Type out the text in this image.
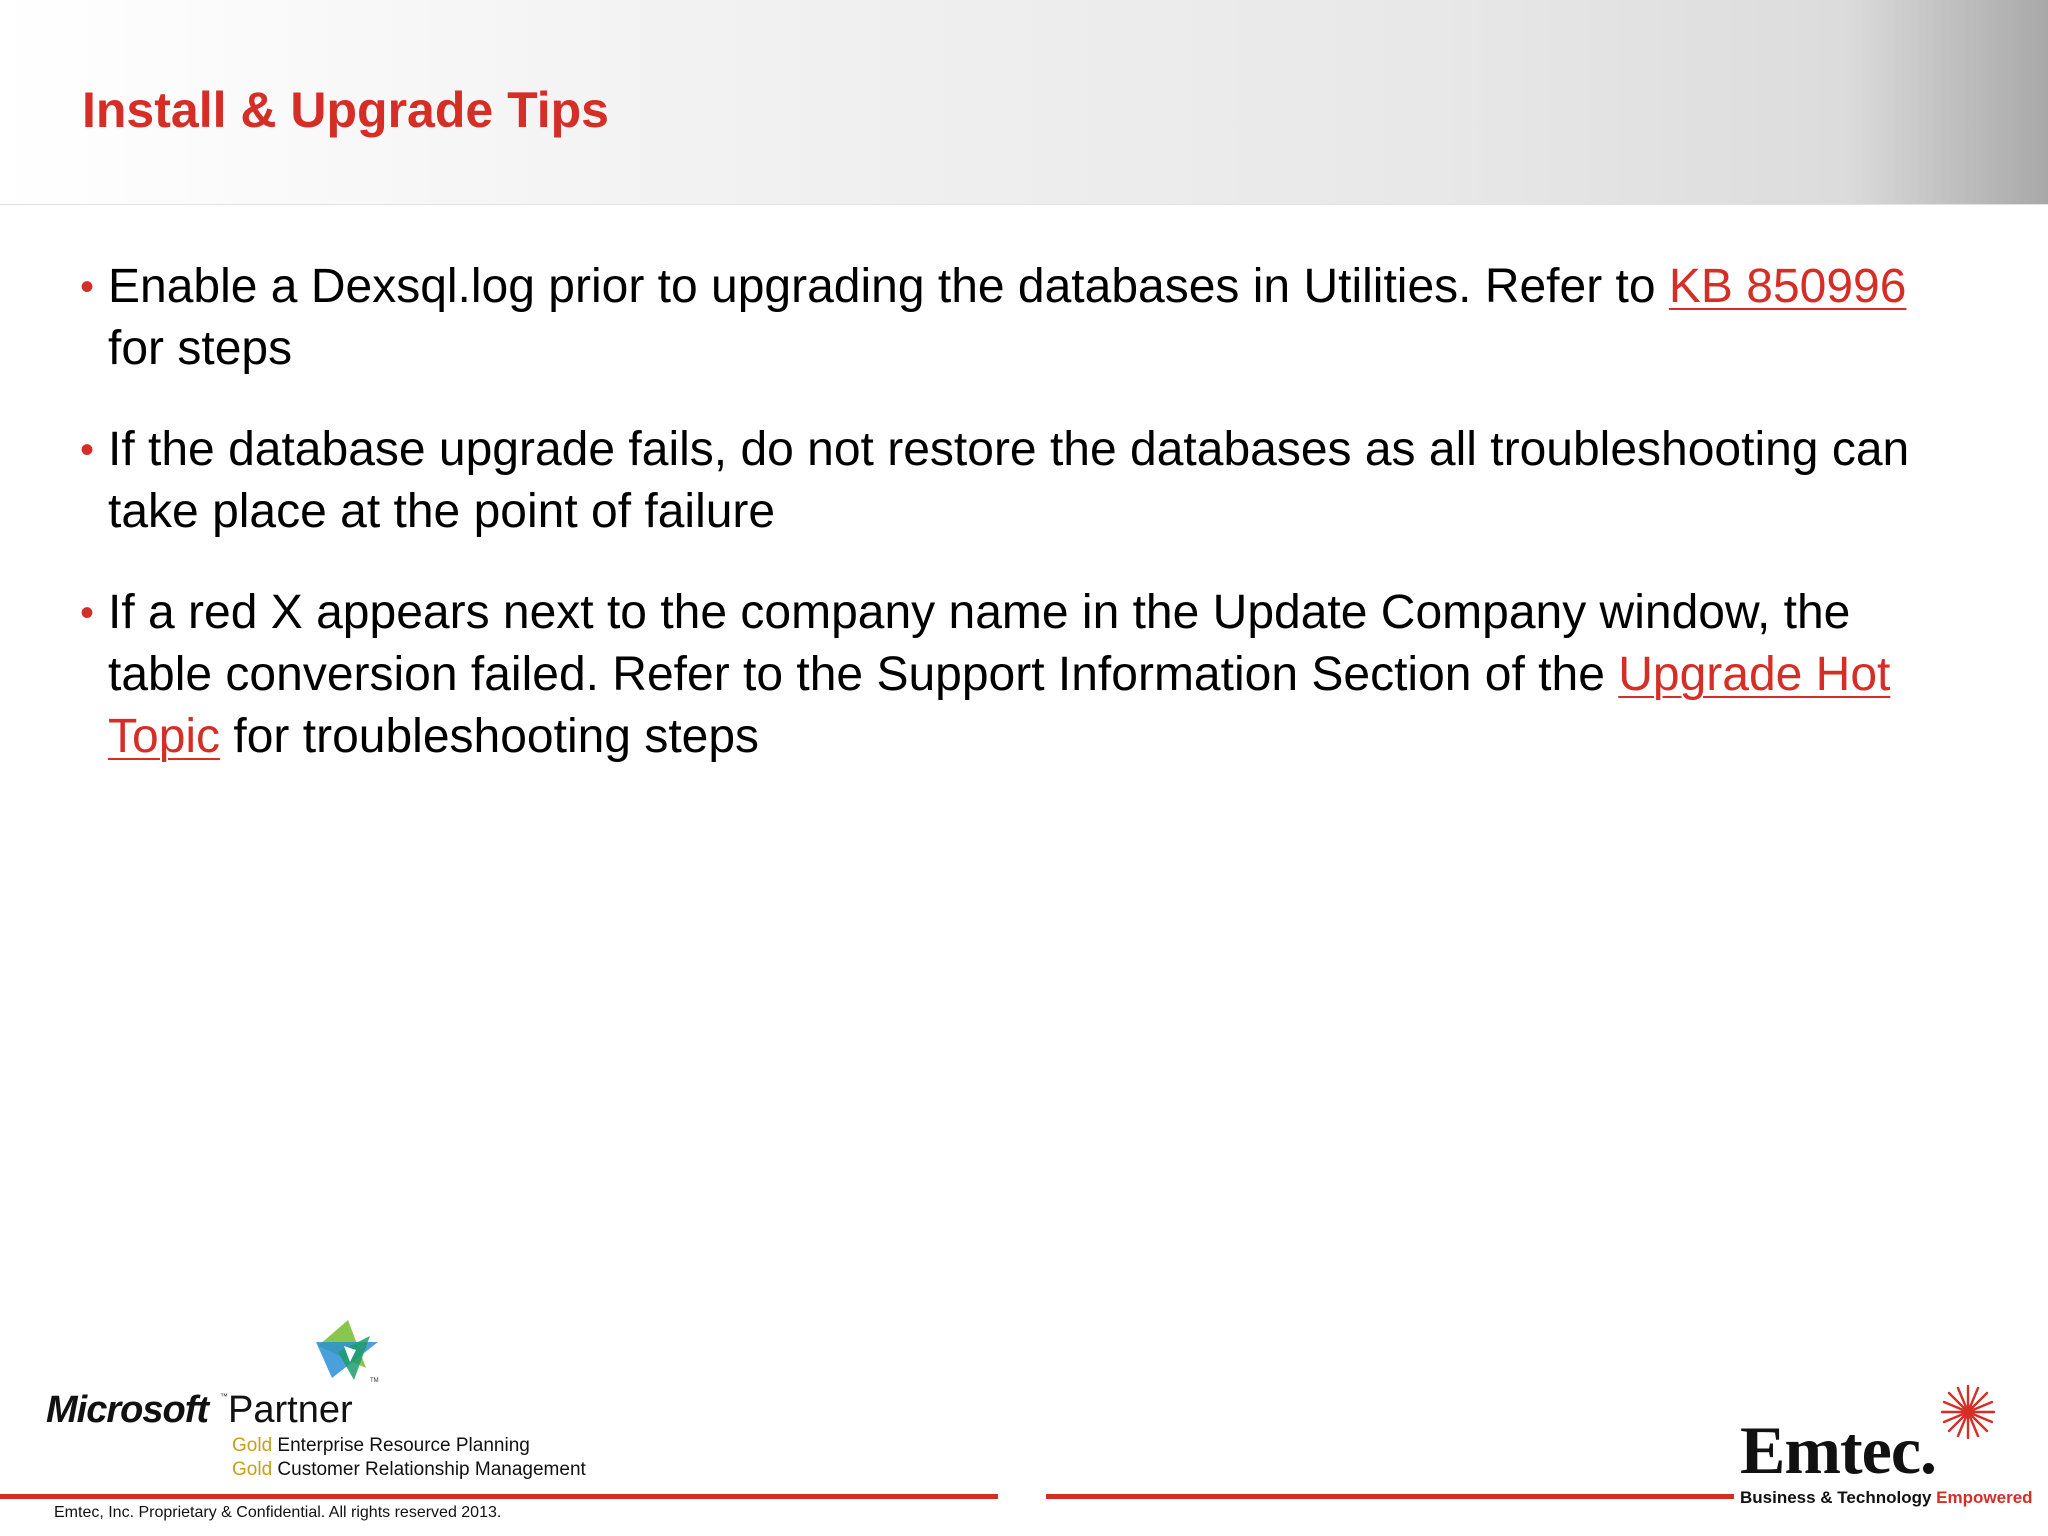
Install & Upgrade Tips
• Enable a Dexsql.log prior to upgrading the databases in Utilities. Refer to KB 850996 for steps
• If the database upgrade fails, do not restore the databases as all troubleshooting can take place at the point of failure
• If a red X appears next to the company name in the Update Company window, the table conversion failed. Refer to the Support Information Section of the Upgrade Hot Topic for troubleshooting steps
TM
Microsoft ™ Partner
Gold Enterprise Resource Planning
Gold Customer Relationship Management
Emtec, Inc. Proprietary & Confidential. All rights reserved 2013.
Emtec.
Business & Technology Empowered
